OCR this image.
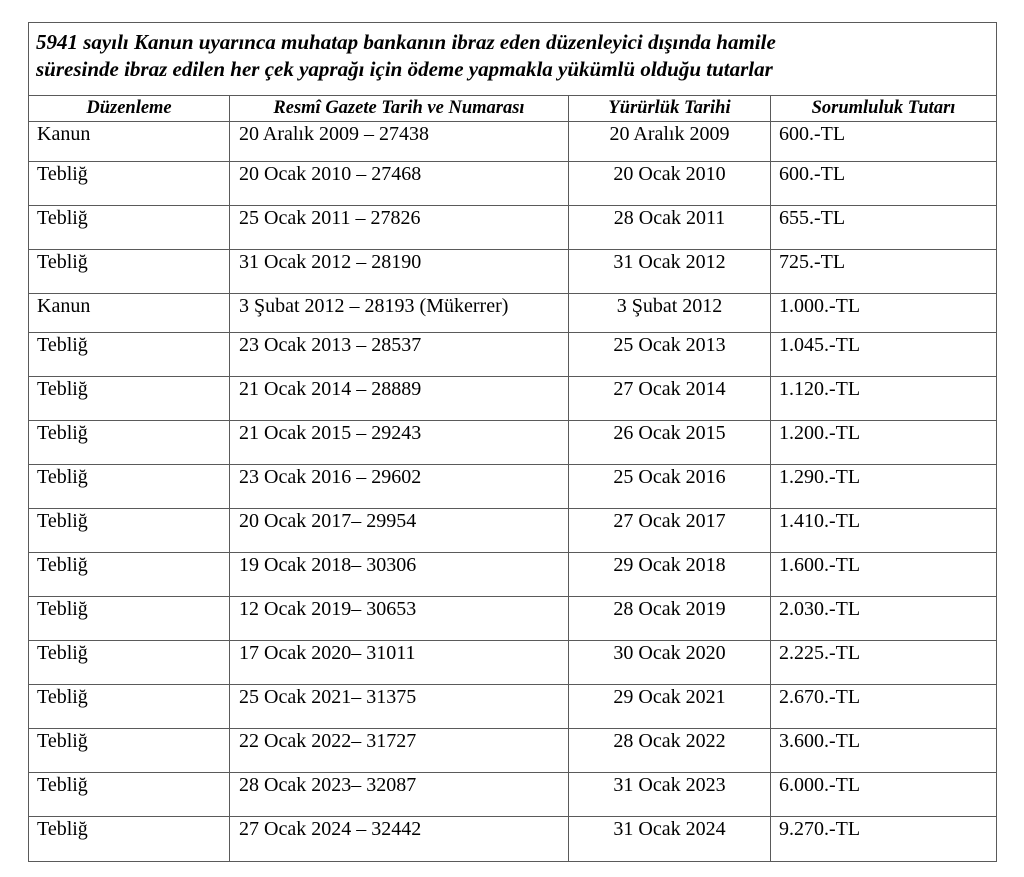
5941 sayılı Kanun uyarınca muhatap bankanın ibraz eden düzenleyici dışında hamile
süresinde ibraz edilen her çek yaprağı için ödeme yapmakla yükümlü olduğu tutarlar			

Düzenleme	Resmî Gazete Tarih ve Numarası	Yürürlük Tarihi	Sorumluluk Tutarı
Kanun	20 Aralık 2009 – 27438	20 Aralık 2009	600.-TL
Tebliğ	20 Ocak 2010 – 27468	20 Ocak 2010	600.-TL
Tebliğ	25 Ocak 2011 – 27826	28 Ocak 2011	655.-TL
Tebliğ	31 Ocak 2012 – 28190	31 Ocak 2012	725.-TL
Kanun	3 Şubat 2012 – 28193 (Mükerrer)	3 Şubat 2012	1.000.-TL
Tebliğ	23 Ocak 2013 – 28537	25 Ocak 2013	1.045.-TL
Tebliğ	21 Ocak 2014 – 28889	27 Ocak 2014	1.120.-TL
Tebliğ	21 Ocak 2015 – 29243	26 Ocak 2015	1.200.-TL
Tebliğ	23 Ocak 2016 – 29602	25 Ocak 2016	1.290.-TL
Tebliğ	20 Ocak 2017– 29954	27 Ocak 2017	1.410.-TL
Tebliğ	19 Ocak 2018– 30306	29 Ocak 2018	1.600.-TL
Tebliğ	12 Ocak 2019– 30653	28 Ocak 2019	2.030.-TL
Tebliğ	17 Ocak 2020– 31011	30 Ocak 2020	2.225.-TL
Tebliğ	25 Ocak 2021– 31375	29 Ocak 2021	2.670.-TL
Tebliğ	22 Ocak 2022– 31727	28 Ocak 2022	3.600.-TL
Tebliğ	28 Ocak 2023– 32087	31 Ocak 2023	6.000.-TL
Tebliğ	27 Ocak 2024 – 32442	31 Ocak 2024	9.270.-TL
